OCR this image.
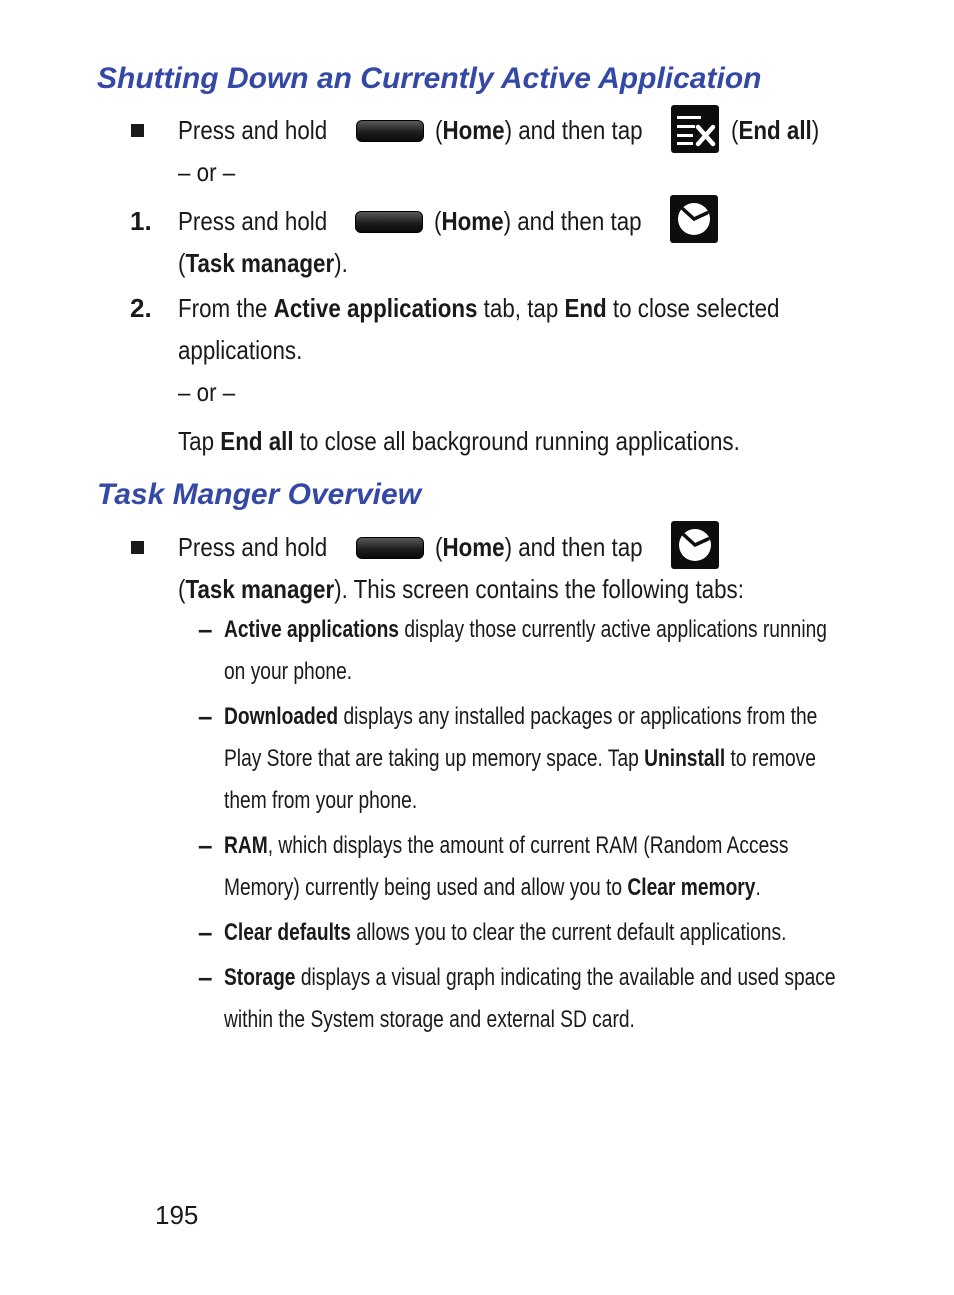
Shutting Down an Currently Active Application
Press and hold	(Home) and then tap	(End all)
– or –
1. Press and hold	(Home) and then tap
(Task manager).
2. From the Active applications tab, tap End to close selected
applications.
– or –
Tap End all to close all background running applications.
Task Manger Overview
Press and hold	(Home) and then tap
(Task manager). This screen contains the following tabs:
– Active applications display those currently active applications running
on your phone.
– Downloaded displays any installed packages or applications from the
Play Store that are taking up memory space. Tap Uninstall to remove
them from your phone.
– RAM, which displays the amount of current RAM (Random Access
Memory) currently being used and allow you to Clear memory.
– Clear defaults allows you to clear the current default applications.
– Storage displays a visual graph indicating the available and used space
within the System storage and external SD card.
195
